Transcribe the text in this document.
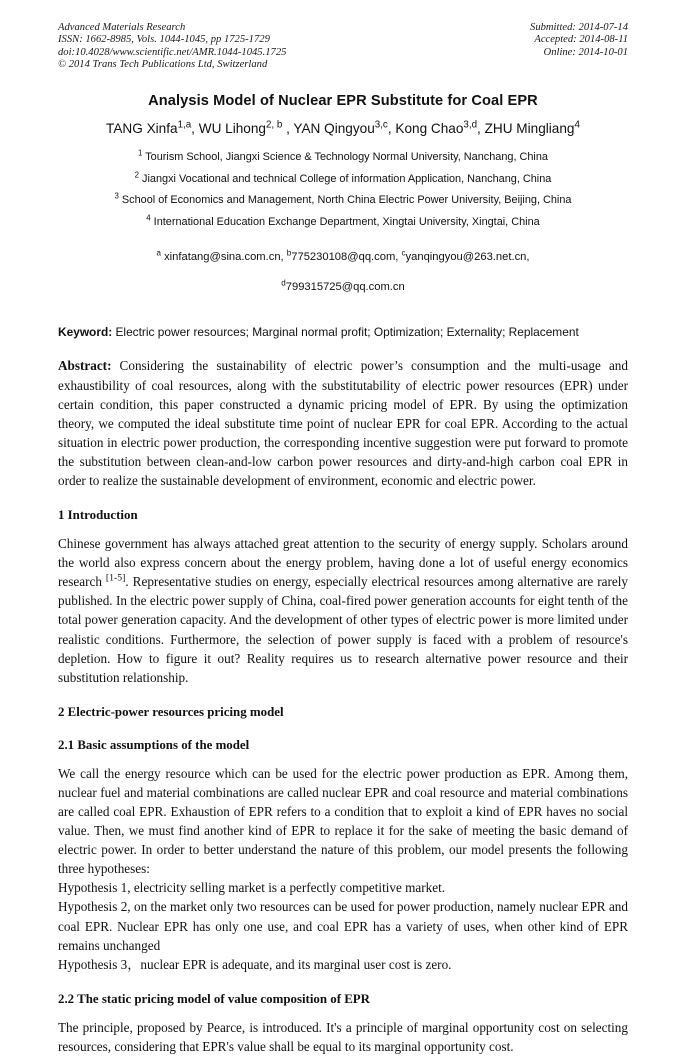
Advanced Materials Research
ISSN: 1662-8985, Vols. 1044-1045, pp 1725-1729
doi:10.4028/www.scientific.net/AMR.1044-1045.1725
© 2014 Trans Tech Publications Ltd, Switzerland
Submitted: 2014-07-14
Accepted: 2014-08-11
Online: 2014-10-01
Analysis Model of Nuclear EPR Substitute for Coal EPR
TANG Xinfa$^{1,a}$, WU Lihong$^{2, b}$ , YAN Qingyou$^{3,c}$, Kong Chao$^{3,d}$, ZHU Mingliang$^4$
$^1$ Tourism School, Jiangxi Science & Technology Normal University, Nanchang, China
$^2$ Jiangxi Vocational and technical College of information Application, Nanchang, China
$^3$ School of Economics and Management, North China Electric Power University, Beijing, China
$^4$ International Education Exchange Department, Xingtai University, Xingtai, China
$^a$ xinfatang@sina.com.cn, $^b$775230108@qq.com, $^c$yanqingyou@263.net.cn,
$^d$799315725@qq.com.cn
Keyword: Electric power resources; Marginal normal profit; Optimization; Externality; Replacement
Abstract: Considering the sustainability of electric power’s consumption and the multi-usage and exhaustibility of coal resources, along with the substitutability of electric power resources (EPR) under certain condition, this paper constructed a dynamic pricing model of EPR. By using the optimization theory, we computed the ideal substitute time point of nuclear EPR for coal EPR. According to the actual situation in electric power production, the corresponding incentive suggestion were put forward to promote the substitution between clean-and-low carbon power resources and dirty-and-high carbon coal EPR in order to realize the sustainable development of environment, economic and electric power.
1 Introduction

Chinese government has always attached great attention to the security of energy supply. Scholars around the world also express concern about the energy problem, having done a lot of useful energy economics research [1-5]. Representative studies on energy, especially electrical resources among alternative are rarely published. In the electric power supply of China, coal-fired power generation accounts for eight tenth of the total power generation capacity. And the development of other types of electric power is more limited under realistic conditions. Furthermore, the selection of power supply is faced with a problem of resource's depletion. How to figure it out? Reality requires us to research alternative power resource and their substitution relationship.

2 Electric-power resources pricing model
2.1 Basic assumptions of the model

We call the energy resource which can be used for the electric power production as EPR. Among them, nuclear fuel and material combinations are called nuclear EPR and coal resource and material combinations are called coal EPR. Exhaustion of EPR refers to a condition that to exploit a kind of EPR haves no social value. Then, we must find another kind of EPR to replace it for the sake of meeting the basic demand of electric power. In order to better understand the nature of this problem, our model presents the following three hypotheses:

Hypothesis 1, electricity selling market is a perfectly competitive market.

Hypothesis 2, on the market only two resources can be used for power production, namely nuclear EPR and coal EPR. Nuclear EPR has only one use, and coal EPR has a variety of uses, when other kind of EPR remains unchanged

Hypothesis 3，nuclear EPR is adequate, and its marginal user cost is zero.

2.2 The static pricing model of value composition of EPR

The principle, proposed by Pearce, is introduced. It's a principle of marginal opportunity cost on selecting resources, considering that EPR's value shall be equal to its marginal opportunity cost.
